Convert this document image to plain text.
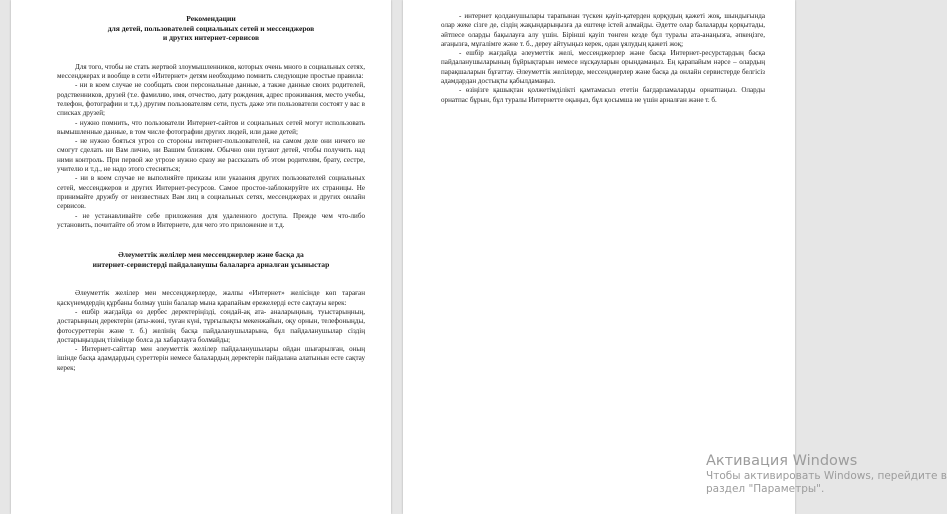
Рекомендации
для детей, пользователей социальных сетей и мессенджеров
и других интернет-сервисов

Для того, чтобы не стать жертвой злоумышленников, которых очень много в социальных сетях, мессенджерах и вообще в сети «Интернет» детям необходимо помнить следующие простые правила:

- ни в коем случае не сообщать свои персональные данные, а также данные своих родителей, родственников, друзей (т.е. фамилию, имя, отчество, дату рождения, адрес проживания, место учебы, телефон, фотографии и т.д.) другим пользователям сети, пусть даже эти пользователи состоят у вас в списках друзей;

- нужно помнить, что пользователи Интернет-сайтов и социальных сетей могут использовать вымышленные данные, в том числе фотографии других людей, или даже детей;

- не нужно бояться угроз со стороны интернет-пользователей, на самом деле они ничего не смогут сделать ни Вам лично, ни Вашим близким. Обычно они пугают детей, чтобы получить над ними контроль. При первой же угрозе нужно сразу же рассказать об этом родителям, брату, сестре, учителю и т.д., не надо этого стесняться;

- ни в коем случае не выполняйте приказы или указания других пользователей социальных сетей, мессенджеров и других Интернет-ресурсов. Самое простое-заблокируйте их страницы. Не принимайте дружбу от неизвестных Вам лиц в социальных сетях, мессенджерах и других онлайн сервисов.

- не устанавливайте себе приложения для удаленного доступа. Прежде чем что-либо установить, почитайте об этом в Интернете, для чего это приложение и т.д.

Әлеуметтік желілер мен мессенджерлер және басқа да
интернет-сервистерді пайдаланушы балаларға арналған ұсыныстар

Әлеуметтік желілер мен мессенджерлерде, жалпы «Интернет» желісінде көп тараған қаскүнемдердің құрбаны болмау үшін балалар мына қарапайым ережелерді есте сақтауы керек:

- ешбір жағдайда өз дербес деректеріңізді, сондай-ақ ата- аналарыңның, туыстарыңның, достарыңның деректерін (аты-жөні, туған күні, тұрғылықты мекенжайын, оқу орнын, телефоныңды, фотосуреттерін және т. б.) желінің басқа пайдаланушыларына, бұл пайдаланушылар сіздің достарыңыздың тізімінде болса да хабарлауға болмайды;

- Интернет-сайттар мен әлеуметтік желілер пайдаланушылары ойдан шығарылған, оның ішінде басқа адамдардың суреттерін немесе балалардың деректерін пайдалана алатынын есте сақтау керек;

- интернет қолданушылары тарапынан түскен қауіп-қатерден қорқудың қажеті жоқ, шындығында олар жеке сізге де, сіздің жақындарыңызға да ештеңе істей алмайды. Әдетте олар балаларды қорқытады, әйтпесе оларды бақылауға алу үшін. Бірінші қауіп төнген кезде бұл туралы ата-анаңызға, әпкеңізге, ағаңызға, мұғалімге және т. б., дереу айтуыңыз керек, одан ұялудың қажеті жоқ;

- ешбір жағдайда әлеуметтік желі, мессенджерлер және басқа Интернет-ресурстардың басқа пайдаланушыларының бұйрықтарын немесе нұсқауларын орындамаңыз. Ең қарапайым нәрсе – олардың парақшаларын бұғаттау. Әлеуметтік желілерде, мессенджерлер және басқа да онлайн сервистерде белгісіз адамдардан достықты қабылдамаңыз.

- өзіңізге қашықтан қолжетімділікті қамтамасыз ететін бағдарламаларды орнатпаңыз. Оларды орнатпас бұрын, бұл туралы Интернетте оқыңыз, бұл қосымша не үшін арналған және т. б.

Активация Windows
Чтобы активировать Windows, перейдите в
раздел "Параметры".
